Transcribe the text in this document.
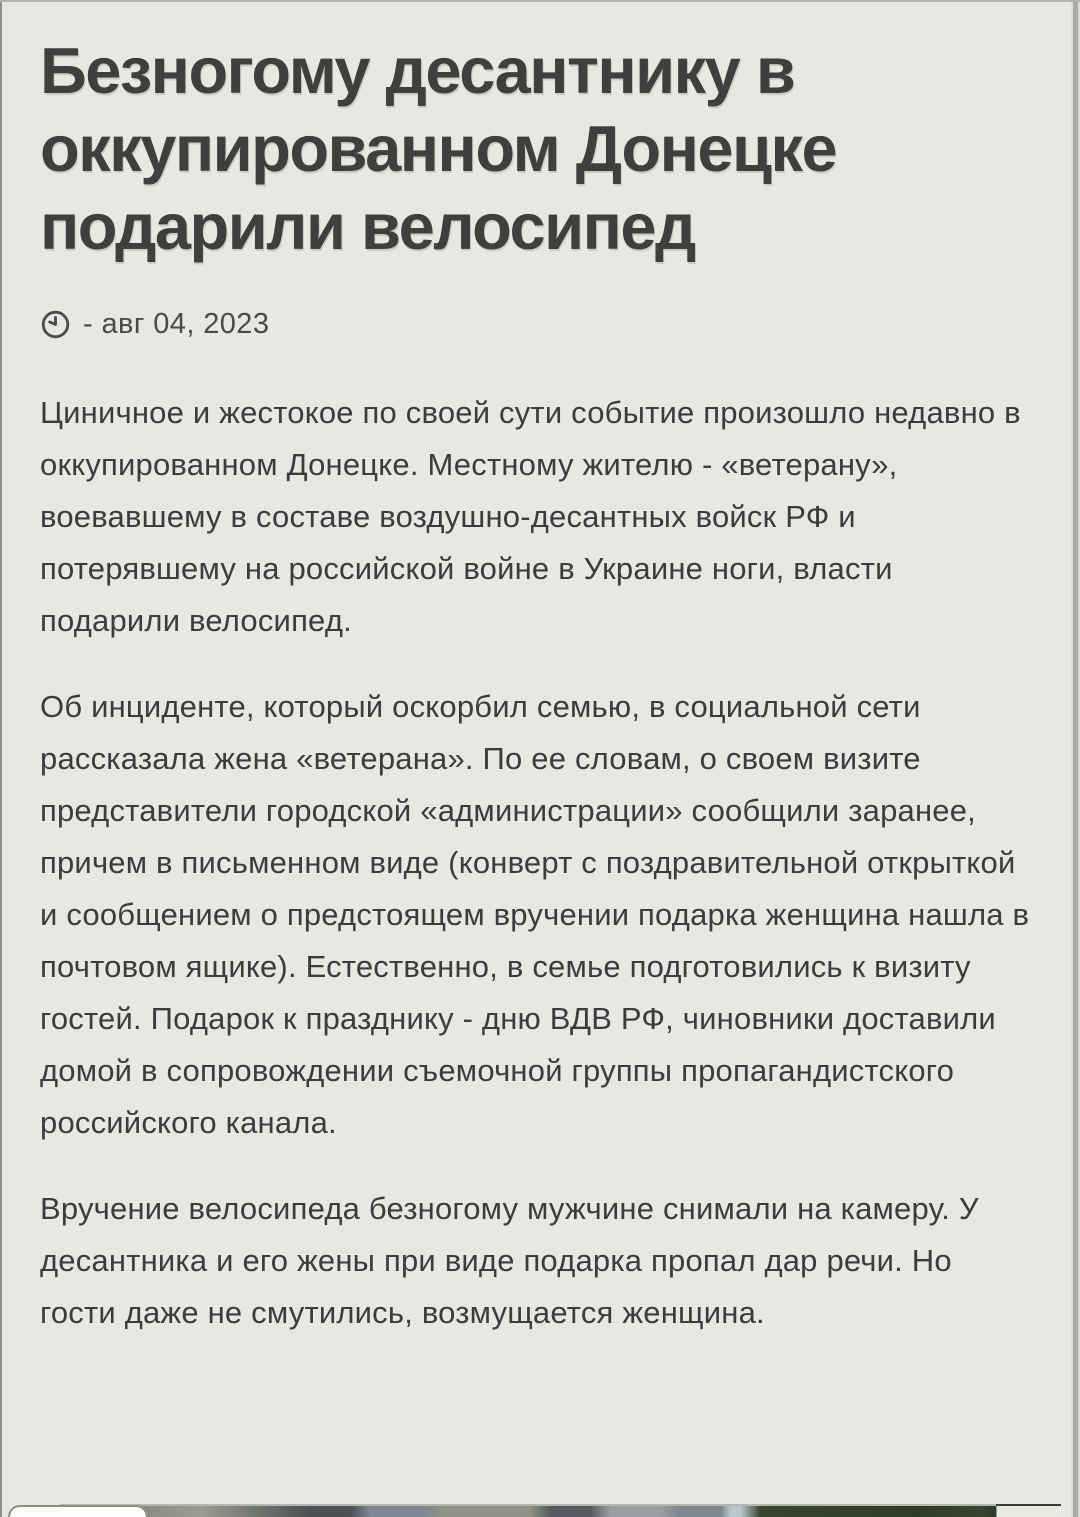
Безногому десантнику в оккупированном Донецке подарили велосипед
- авг 04, 2023

Циничное и жестокое по своей сути событие произошло недавно в оккупированном Донецке. Местному жителю - «ветерану», воевавшему в составе воздушно-десантных войск РФ и потерявшему на российской войне в Украине ноги, власти подарили велосипед.

Об инциденте, который оскорбил семью, в социальной сети рассказала жена «ветерана». По ее словам, о своем визите представители городской «администрации» сообщили заранее, причем в письменном виде (конверт с поздравительной открыткой и сообщением о предстоящем вручении подарка женщина нашла в почтовом ящике). Естественно, в семье подготовились к визиту гостей. Подарок к празднику - дню ВДВ РФ, чиновники доставили домой в сопровождении съемочной группы пропагандистского российского канала.

Вручение велосипеда безногому мужчине снимали на камеру. У десантника и его жены при виде подарка пропал дар речи. Но гости даже не смутились, возмущается женщина.
